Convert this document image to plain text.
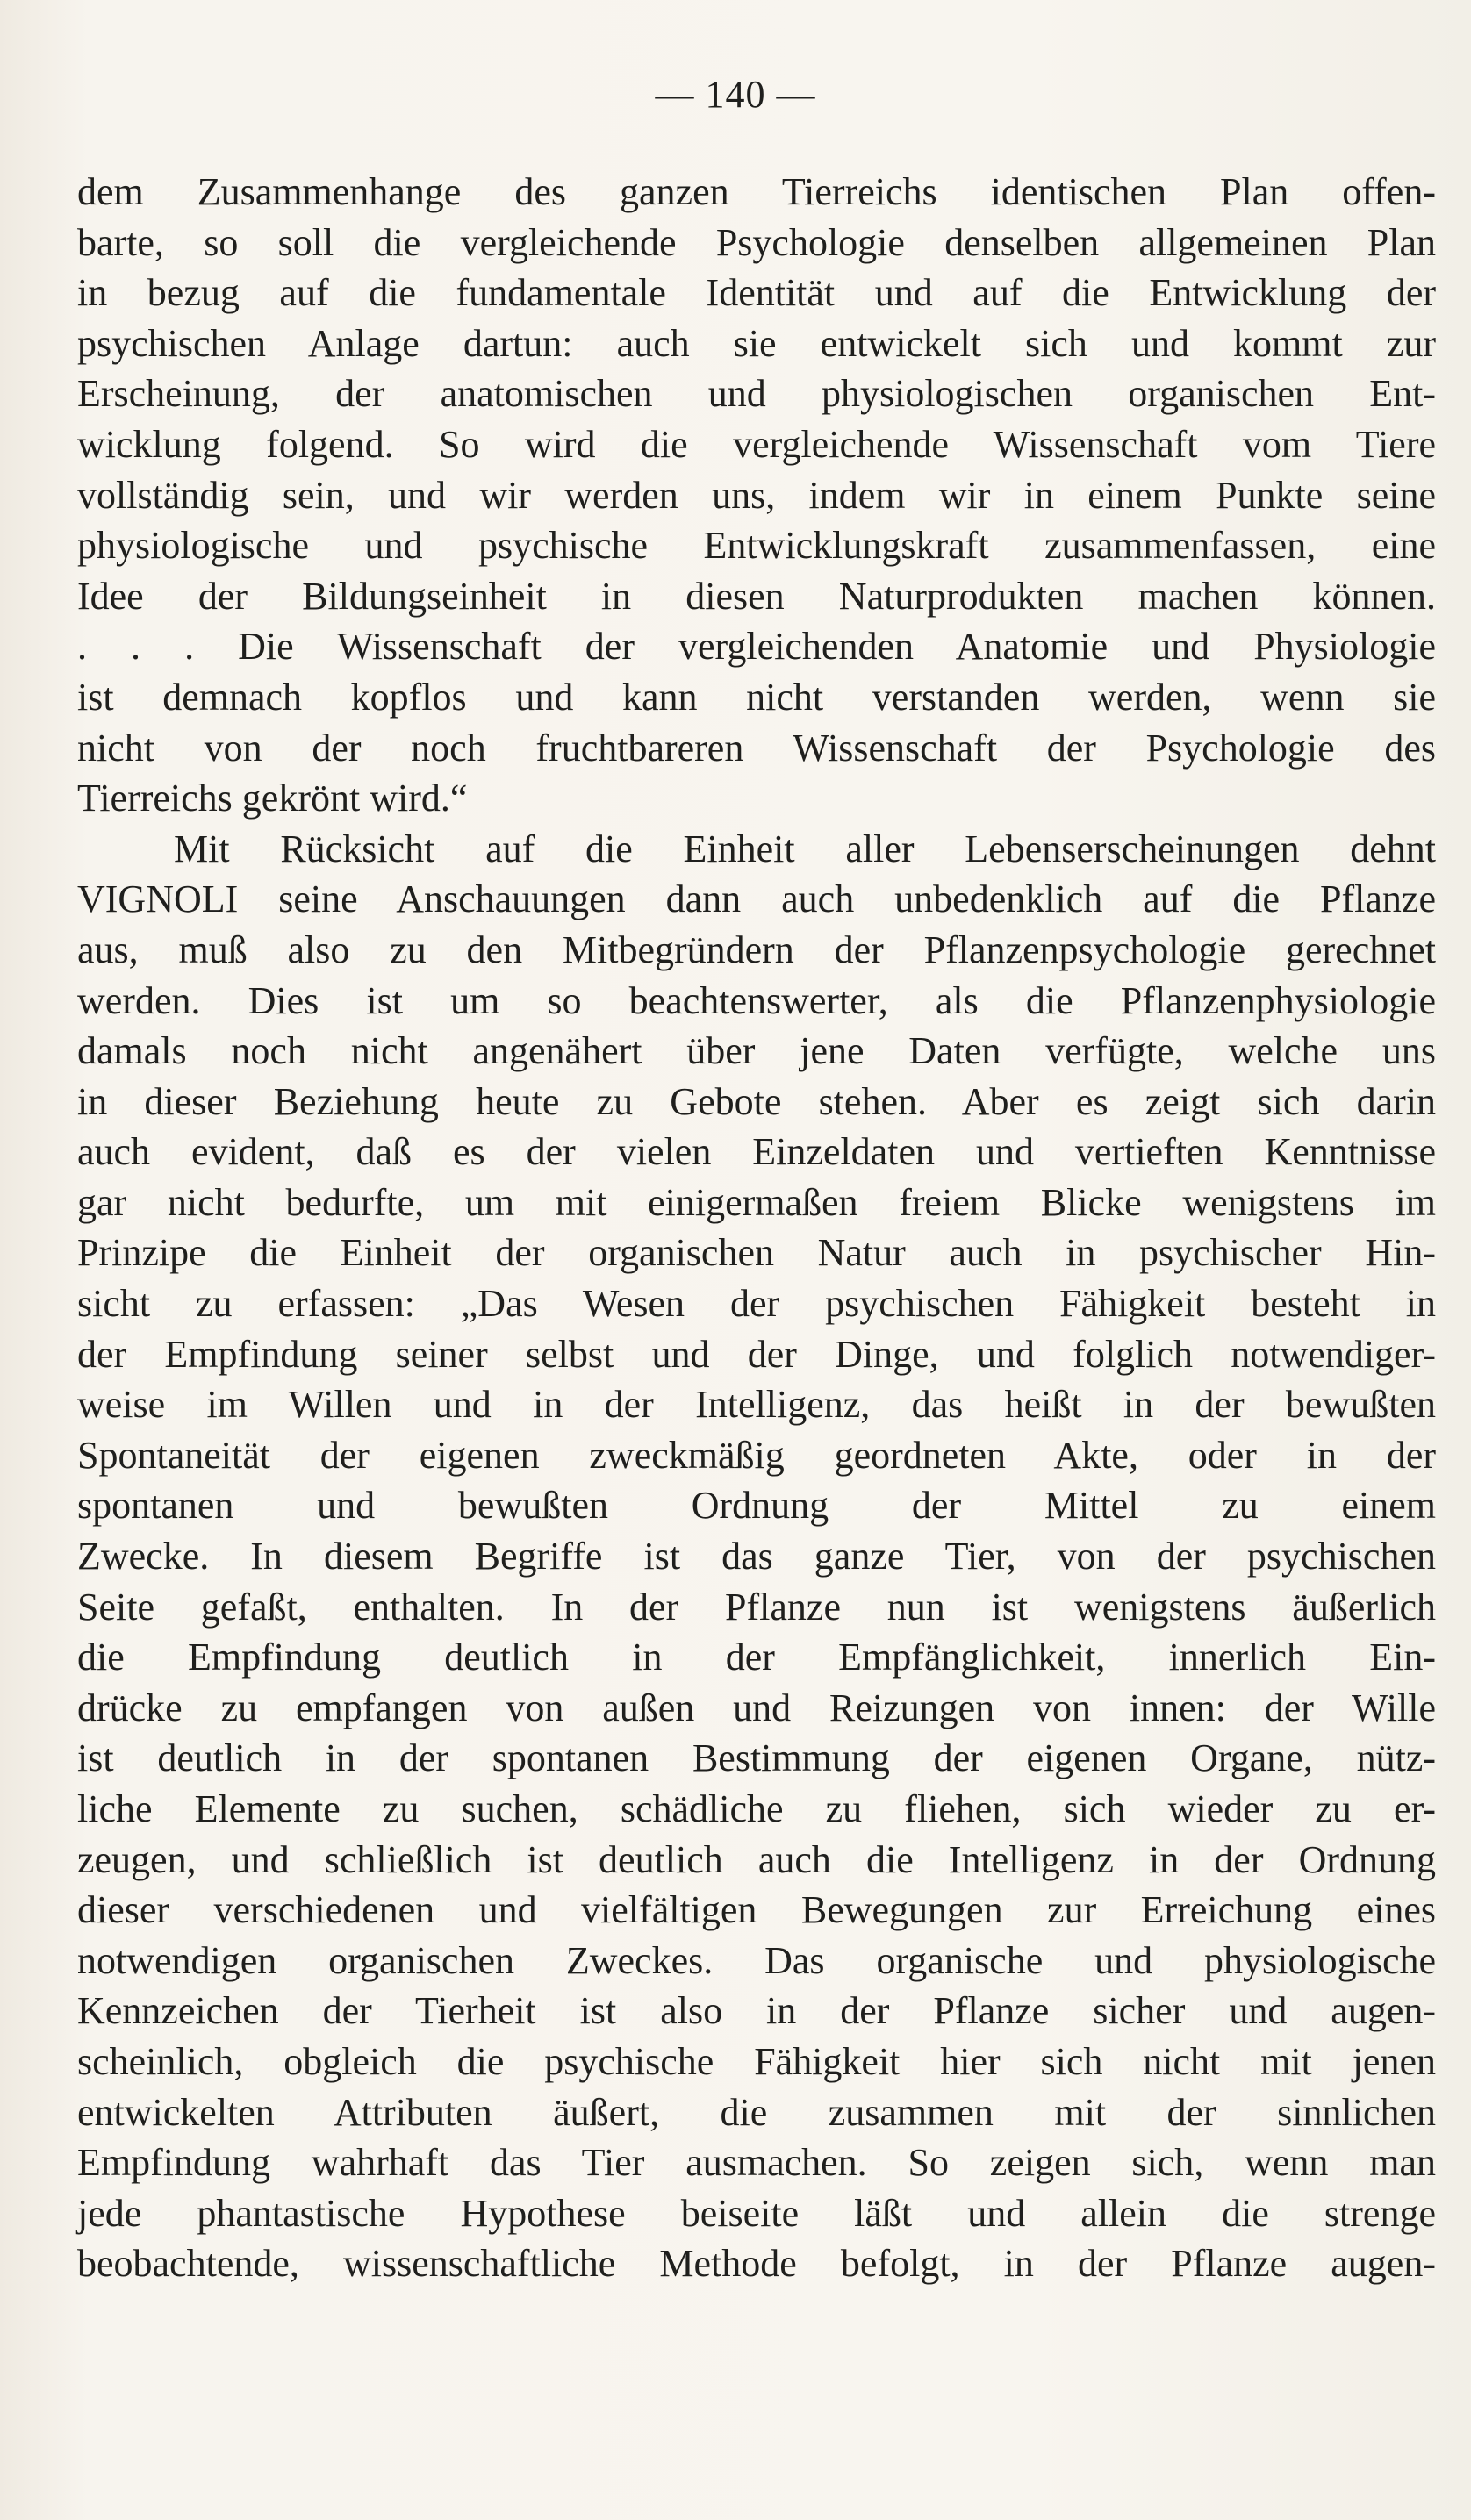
— 140 —
dem Zusammenhange des ganzen Tierreichs identischen Plan offen-
barte, so soll die vergleichende Psychologie denselben allgemeinen Plan
in bezug auf die fundamentale Identität und auf die Entwicklung der
psychischen Anlage dartun: auch sie entwickelt sich und kommt zur
Erscheinung, der anatomischen und physiologischen organischen Ent-
wicklung folgend. So wird die vergleichende Wissenschaft vom Tiere
vollständig sein, und wir werden uns, indem wir in einem Punkte seine
physiologische und psychische Entwicklungskraft zusammenfassen, eine
Idee der Bildungseinheit in diesen Naturprodukten machen können.
. . . Die Wissenschaft der vergleichenden Anatomie und Physiologie
ist demnach kopflos und kann nicht verstanden werden, wenn sie
nicht von der noch fruchtbareren Wissenschaft der Psychologie des
Tierreichs gekrönt wird.“
Mit Rücksicht auf die Einheit aller Lebenserscheinungen dehnt
VIGNOLI seine Anschauungen dann auch unbedenklich auf die Pflanze
aus, muß also zu den Mitbegründern der Pflanzenpsychologie gerechnet
werden. Dies ist um so beachtenswerter, als die Pflanzenphysiologie
damals noch nicht angenähert über jene Daten verfügte, welche uns
in dieser Beziehung heute zu Gebote stehen. Aber es zeigt sich darin
auch evident, daß es der vielen Einzeldaten und vertieften Kenntnisse
gar nicht bedurfte, um mit einigermaßen freiem Blicke wenigstens im
Prinzipe die Einheit der organischen Natur auch in psychischer Hin-
sicht zu erfassen: „Das Wesen der psychischen Fähigkeit besteht in
der Empfindung seiner selbst und der Dinge, und folglich notwendiger-
weise im Willen und in der Intelligenz, das heißt in der bewußten
Spontaneität der eigenen zweckmäßig geordneten Akte, oder in der
spontanen und bewußten Ordnung der Mittel zu einem
Zwecke. In diesem Begriffe ist das ganze Tier, von der psychischen
Seite gefaßt, enthalten. In der Pflanze nun ist wenigstens äußerlich
die Empfindung deutlich in der Empfänglichkeit, innerlich Ein-
drücke zu empfangen von außen und Reizungen von innen: der Wille
ist deutlich in der spontanen Bestimmung der eigenen Organe, nütz-
liche Elemente zu suchen, schädliche zu fliehen, sich wieder zu er-
zeugen, und schließlich ist deutlich auch die Intelligenz in der Ordnung
dieser verschiedenen und vielfältigen Bewegungen zur Erreichung eines
notwendigen organischen Zweckes. Das organische und physiologische
Kennzeichen der Tierheit ist also in der Pflanze sicher und augen-
scheinlich, obgleich die psychische Fähigkeit hier sich nicht mit jenen
entwickelten Attributen äußert, die zusammen mit der sinnlichen
Empfindung wahrhaft das Tier ausmachen. So zeigen sich, wenn man
jede phantastische Hypothese beiseite läßt und allein die strenge
beobachtende, wissenschaftliche Methode befolgt, in der Pflanze augen-
